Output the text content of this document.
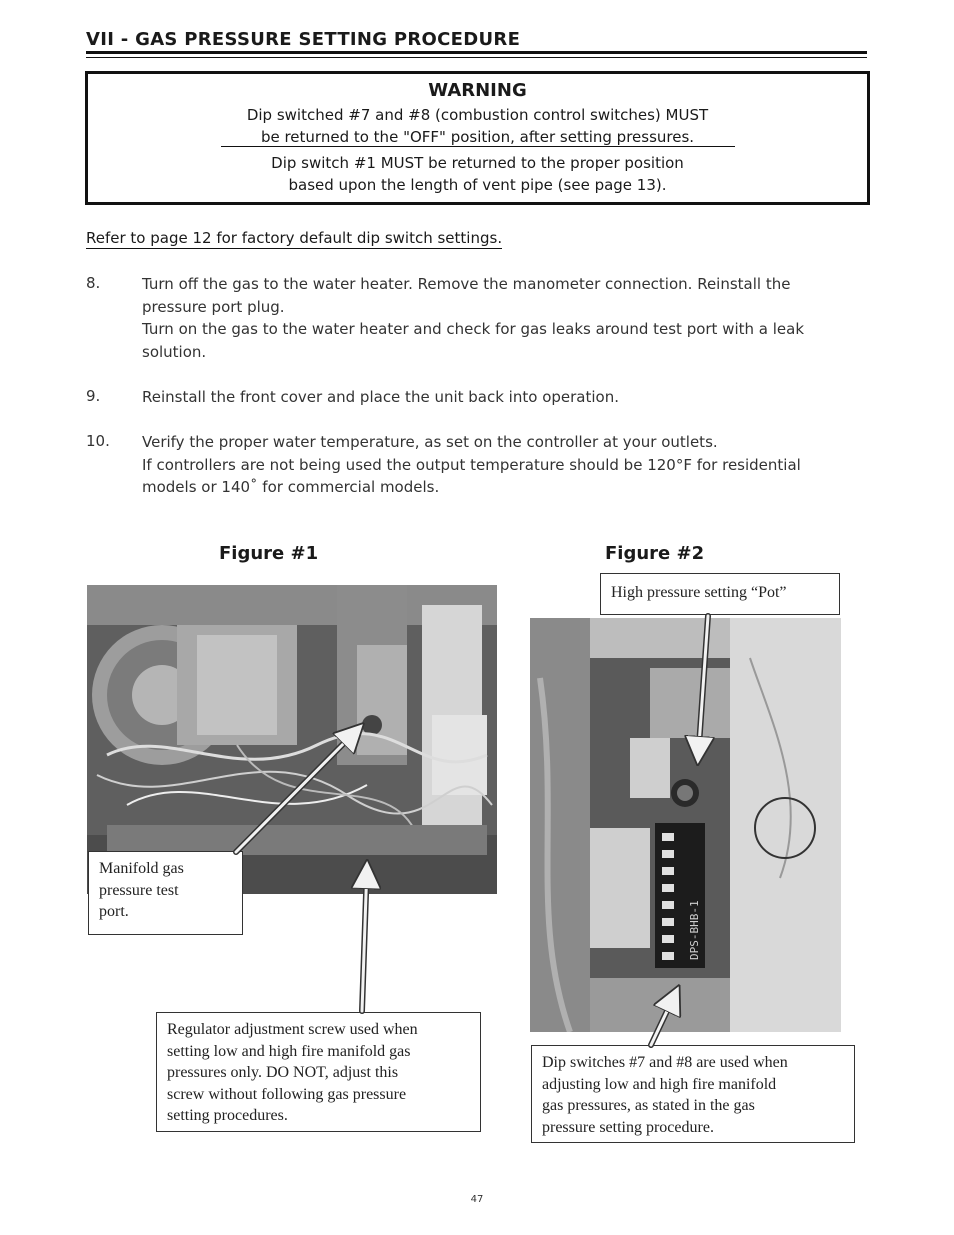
VII - GAS PRESSURE SETTING PROCEDURE
WARNING
Dip switched #7 and #8 (combustion control switches) MUST
be returned to the "OFF" position, after setting pressures.
Dip switch #1 MUST be returned to the proper position
based upon the length of vent pipe (see page 13).
Refer to page 12 for factory default dip switch settings.
8.	Turn off the gas to the water heater. Remove the manometer connection. Reinstall the
pressure port plug.
Turn on the gas to the water heater and check for gas leaks around test port with a leak
solution.
9.	Reinstall the front cover and place the unit back into operation.
10. Verify the proper water temperature, as set on the controller at your outlets.
If controllers are not being used the output temperature should be 120°F for residential
models or 140˚ for commercial models.
Figure #1	Figure #2
DPS-BHB-1
Manifold gas
pressure test
port.
Regulator adjustment screw used when
setting low and high fire manifold gas
pressures only. DO NOT, adjust this
screw without following gas pressure
setting procedures.
High pressure setting “Pot”
Dip switches #7 and #8 are used when
adjusting low and high fire manifold
gas pressures, as stated in the gas
pressure setting procedure.
47
